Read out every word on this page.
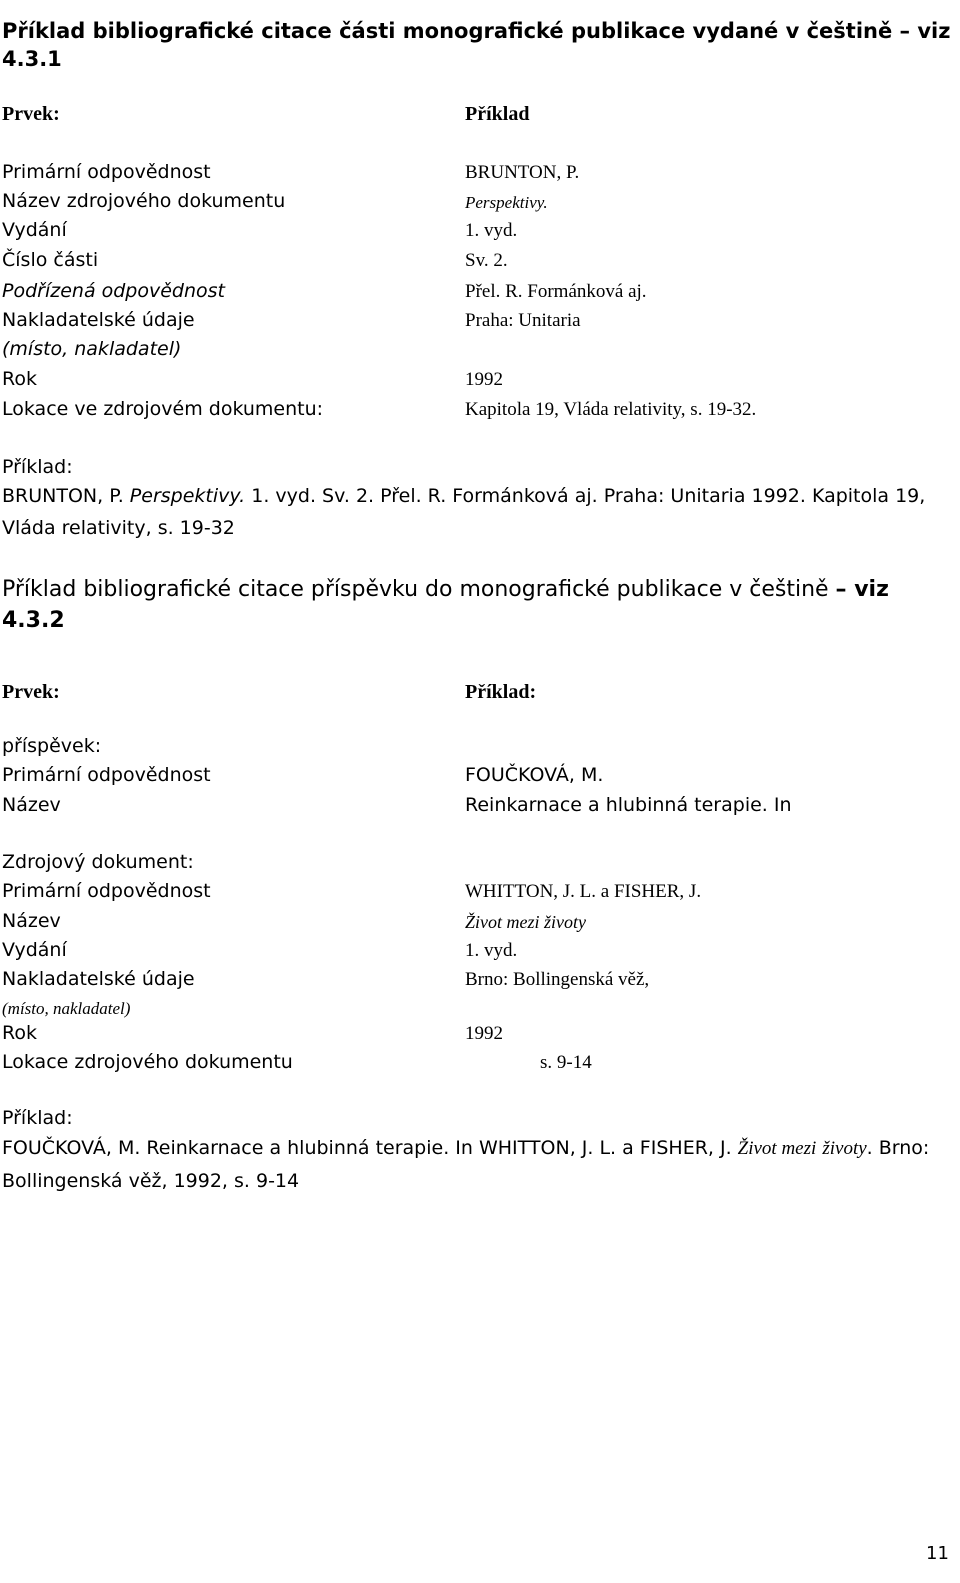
Příklad bibliografické citace části monografické publikace vydané v češtině – viz
4.3.1
Prvek:	Příklad
Primární odpovědnost	BRUNTON, P.
Název zdrojového dokumentu	Perspektivy.
Vydání	1. vyd.
Číslo části	Sv. 2.
Podřízená odpovědnost	Přel. R. Formánková aj.
Nakladatelské údaje	Praha: Unitaria
(místo, nakladatel)
Rok	1992
Lokace ve zdrojovém dokumentu:	Kapitola 19, Vláda relativity, s. 19-32.
Příklad:
BRUNTON, P. Perspektivy. 1. vyd. Sv. 2. Přel. R. Formánková aj. Praha: Unitaria 1992. Kapitola 19, Vláda relativity, s. 19-32
Příklad bibliografické citace příspěvku do monografické publikace v češtině – viz
4.3.2
Prvek:	Příklad:
příspěvek:
Primární odpovědnost	FOUČKOVÁ, M.
Název	Reinkarnace a hlubinná terapie. In
Zdrojový dokument:
Primární odpovědnost	WHITTON, J. L. a FISHER, J.
Název	Život mezi životy
Vydání	1. vyd.
Nakladatelské údaje	Brno: Bollingenská věž,
(místo, nakladatel)
Rok	1992
Lokace zdrojového dokumentu	s. 9-14
Příklad:
FOUČKOVÁ, M. Reinkarnace a hlubinná terapie. In WHITTON, J. L. a FISHER, J. Život mezi životy. Brno: Bollingenská věž, 1992, s. 9-14
11
